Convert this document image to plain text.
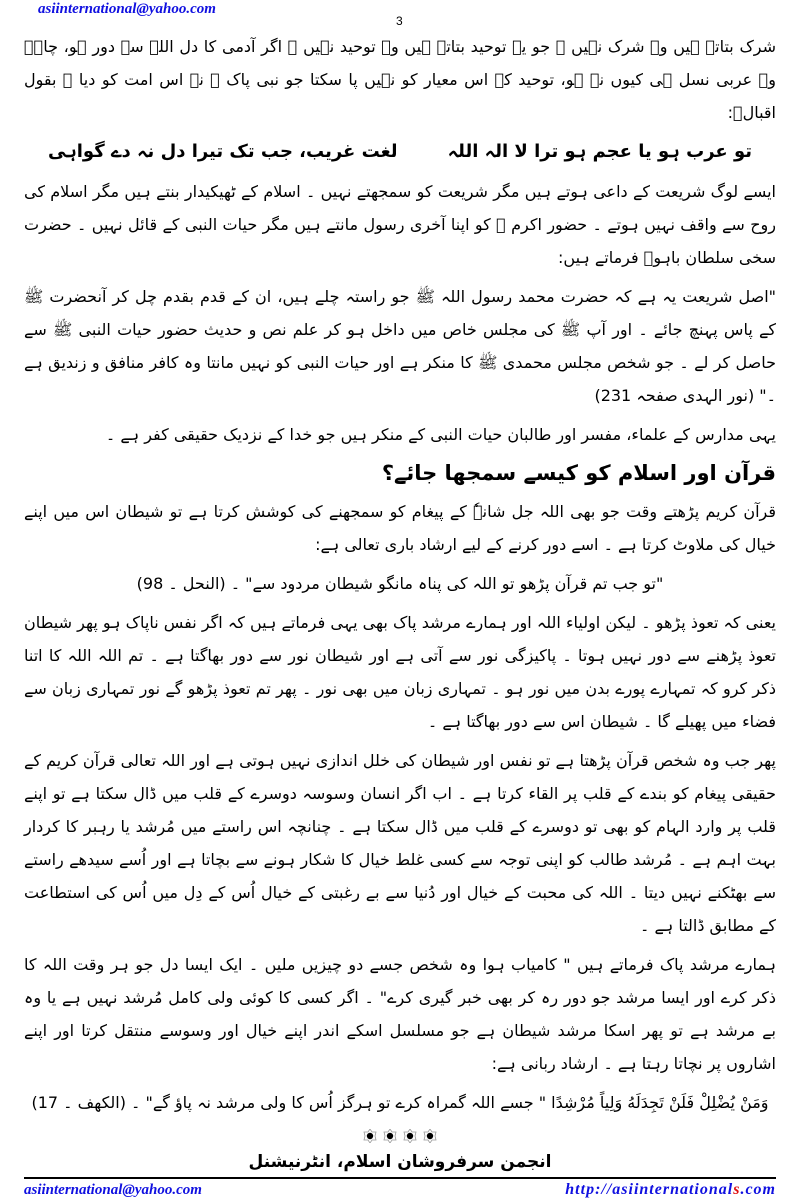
asiinternational@yahoo.com
3
شرک بتاتے ہیں وہ شرک نہیں ۔ جو یہ توحید بتاتے ہیں وہ توحید نہیں ۔ اگر آدمی کا دل اللہ سے دور ہو، چاہے وہ عربی نسل ہی کیوں نہ ہو، توحید کے اس معیار کو نہیں پا سکتا جو نبی پاک ﷺ نے اس امت کو دیا ۔ بقول اقبالؒ:
تو عرب ہو یا عجم ہو ترا لا الہ اللہ
لغت غریب، جب تک تیرا دل نہ دے گواہی
ایسے لوگ شریعت کے داعی ہوتے ہیں مگر شریعت کو سمجھتے نہیں ۔ اسلام کے ٹھیکیدار بنتے ہیں مگر اسلام کی روح سے واقف نہیں ہوتے ۔ حضور اکرم ﷺ کو اپنا آخری رسول مانتے ہیں مگر حیات النبی کے قائل نہیں ۔ حضرت سخی سلطان باہوؒ فرماتے ہیں:
"اصل شریعت یہ ہے کہ حضرت محمد رسول اللہ ﷺ جو راستہ چلے ہیں، ان کے قدم بقدم چل کر آنحضرت ﷺ کے پاس پہنچ جائے ۔ اور آپ ﷺ کی مجلس خاص میں داخل ہو کر علم نص و حدیث حضور حیات النبی ﷺ سے حاصل کر لے ۔ جو شخص مجلس محمدی ﷺ کا منکر ہے اور حیات النبی کو نہیں مانتا وہ کافر منافق و زندیق ہے ۔" (نور الہدی صفحہ 231)
یہی مدارس کے علماء، مفسر اور طالبان حیات النبی کے منکر ہیں جو خدا کے نزدیک حقیقی کفر ہے ۔
قرآن اور اسلام کو کیسے سمجھا جائے؟
قرآن کریم پڑھتے وقت جو بھی اللہ جل شانہٗ کے پیغام کو سمجھنے کی کوشش کرتا ہے تو شیطان اس میں اپنے خیال کی ملاوٹ کرتا ہے ۔ اسے دور کرنے کے لیے ارشاد باری تعالی ہے:
"تو جب تم قرآن پڑھو تو اللہ کی پناہ مانگو شیطان مردود سے" ۔ (النحل ۔ 98)
یعنی کہ تعوذ پڑھو ۔ لیکن اولیاء اللہ اور ہمارے مرشد پاک بھی یہی فرماتے ہیں کہ اگر نفس ناپاک ہو پھر شیطان تعوذ پڑھنے سے دور نہیں ہوتا ۔ پاکیزگی نور سے آتی ہے اور شیطان نور سے دور بھاگتا ہے ۔ تم اللہ اللہ کا اتنا ذکر کرو کہ تمہارے پورے بدن میں نور ہو ۔ تمہاری زبان میں بھی نور ۔ پھر تم تعوذ پڑھو گے نور تمہاری زبان سے فضاء میں پھیلے گا ۔ شیطان اس سے دور بھاگتا ہے ۔
پھر جب وہ شخص قرآن پڑھتا ہے تو نفس اور شیطان کی خلل اندازی نہیں ہوتی ہے اور اللہ تعالی قرآن کریم کے حقیقی پیغام کو بندے کے قلب پر القاء کرتا ہے ۔ اب اگر انسان وسوسہ دوسرے کے قلب میں ڈال سکتا ہے تو اپنے قلب پر وارد الہام کو بھی تو دوسرے کے قلب میں ڈال سکتا ہے ۔ چنانچہ اس راستے میں مُرشد یا رہبر کا کردار بہت اہم ہے ۔ مُرشد طالب کو اپنی توجہ سے کسی غلط خیال کا شکار ہونے سے بچاتا ہے اور اُسے سیدھے راستے سے بھٹکنے نہیں دیتا ۔ اللہ کی محبت کے خیال اور دُنیا سے بے رغبتی کے خیال اُس کے دِل میں اُس کی استطاعت کے مطابق ڈالتا ہے ۔
ہمارے مرشد پاک فرماتے ہیں " کامیاب ہوا وہ شخص جسے دو چیزیں ملیں ۔ ایک ایسا دل جو ہر وقت اللہ کا ذکر کرے اور ایسا مرشد جو دور رہ کر بھی خبر گیری کرے" ۔ اگر کسی کا کوئی ولی کامل مُرشد نہیں ہے یا وہ بے مرشد ہے تو پھر اسکا مرشد شیطان ہے جو مسلسل اسکے اندر اپنے خیال اور وسوسے منتقل کرتا اور اپنے اشاروں پر نچاتا رہتا ہے ۔ ارشاد ربانی ہے:
وَمَنْ يُضْلِلْ فَلَنْ تَجِدَلَهُ وَلِياً مُرْشِدًا " جسے اللہ گمراہ کرے تو ہرگز اُس کا ولی مرشد نہ پاؤ گے" ۔ (الکھف ۔ 17)
انجمن سرفروشان اسلام، انٹرنیشنل
asiinternational@yahoo.com	http://asiinternationals.com
